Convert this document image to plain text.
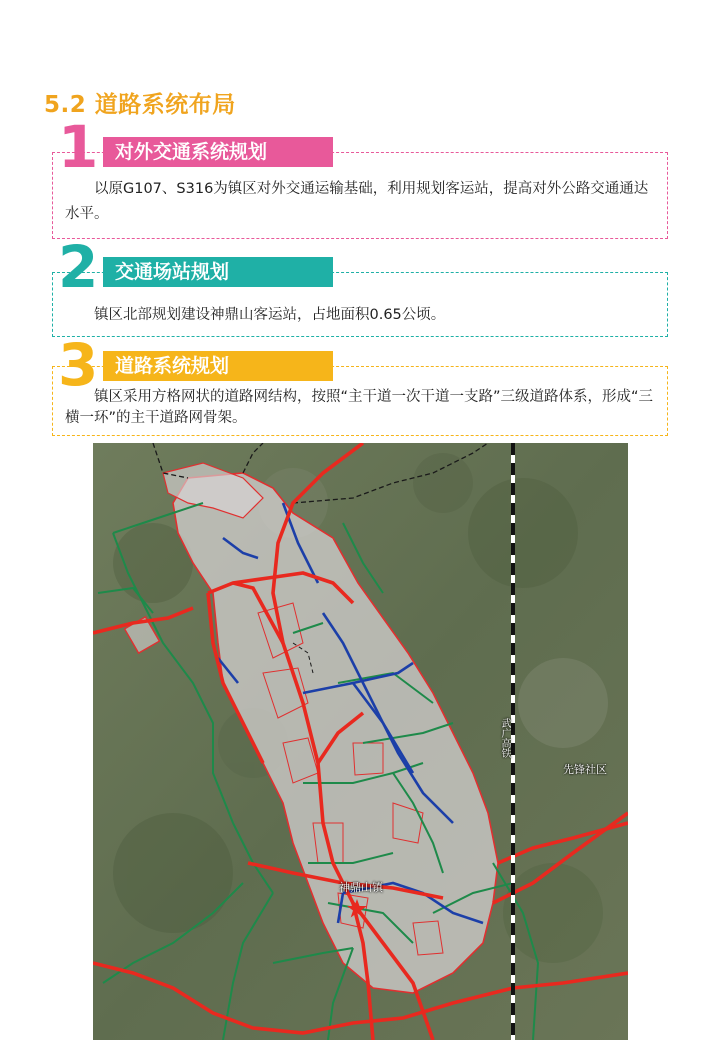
5.2 道路系统布局
以原G107、S316为镇区对外交通运输基础，利用规划客运站，提高对外公路交通通达水平。
1 对外交通系统规划
镇区北部规划建设神鼎山客运站，占地面积0.65公顷。
2 交通场站规划
镇区采用方格网状的道路网结构，按照“主干道一次干道一支路”三级道路体系，形成“三横一环”的主干道路网骨架。
3 道路系统规划
武广高铁
先锋社区
神鼎山镇
